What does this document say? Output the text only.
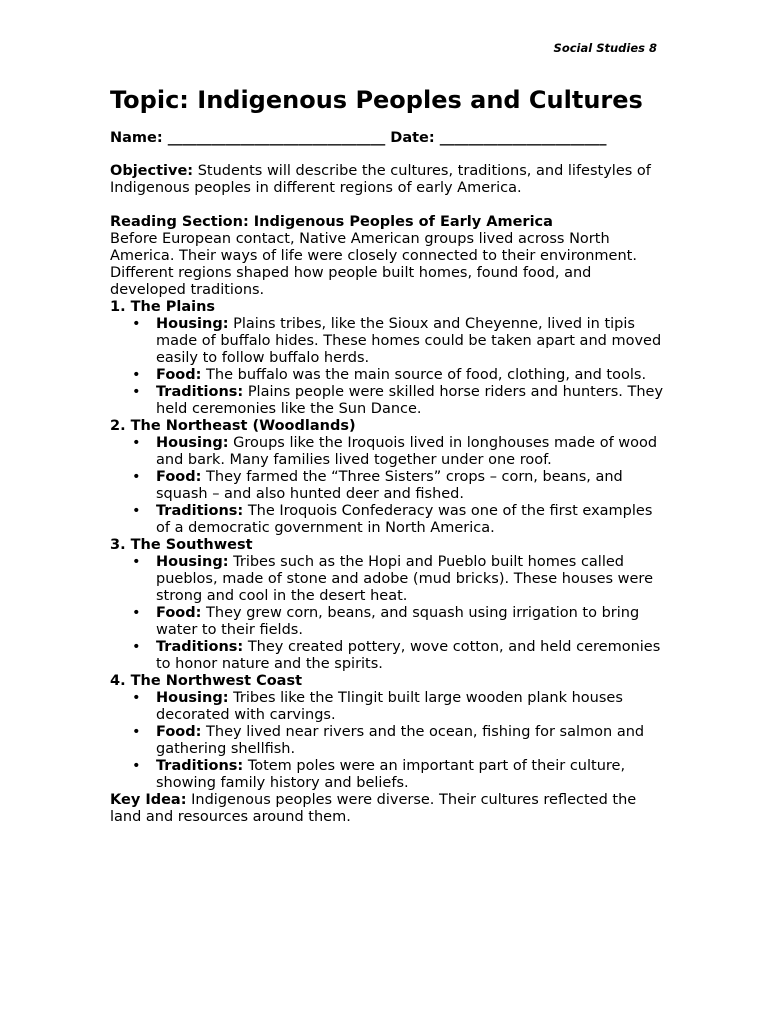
Social Studies 8
Topic: Indigenous Peoples and Cultures
Name: ______________________________ Date: _______________________
Objective: Students will describe the cultures, traditions, and lifestyles of Indigenous peoples in different regions of early America.
Reading Section: Indigenous Peoples of Early America
Before European contact, Native American groups lived across North America. Their ways of life were closely connected to their environment. Different regions shaped how people built homes, found food, and developed traditions.
1. The Plains
• Housing: Plains tribes, like the Sioux and Cheyenne, lived in tipis made of buffalo hides. These homes could be taken apart and moved easily to follow buffalo herds.
• Food: The buffalo was the main source of food, clothing, and tools.
• Traditions: Plains people were skilled horse riders and hunters. They held ceremonies like the Sun Dance.
2. The Northeast (Woodlands)
• Housing: Groups like the Iroquois lived in longhouses made of wood and bark. Many families lived together under one roof.
• Food: They farmed the “Three Sisters” crops – corn, beans, and squash – and also hunted deer and fished.
• Traditions: The Iroquois Confederacy was one of the first examples of a democratic government in North America.
3. The Southwest
• Housing: Tribes such as the Hopi and Pueblo built homes called pueblos, made of stone and adobe (mud bricks). These houses were strong and cool in the desert heat.
• Food: They grew corn, beans, and squash using irrigation to bring water to their fields.
• Traditions: They created pottery, wove cotton, and held ceremonies to honor nature and the spirits.
4. The Northwest Coast
• Housing: Tribes like the Tlingit built large wooden plank houses decorated with carvings.
• Food: They lived near rivers and the ocean, fishing for salmon and gathering shellfish.
• Traditions: Totem poles were an important part of their culture, showing family history and beliefs.
Key Idea: Indigenous peoples were diverse. Their cultures reflected the land and resources around them.
